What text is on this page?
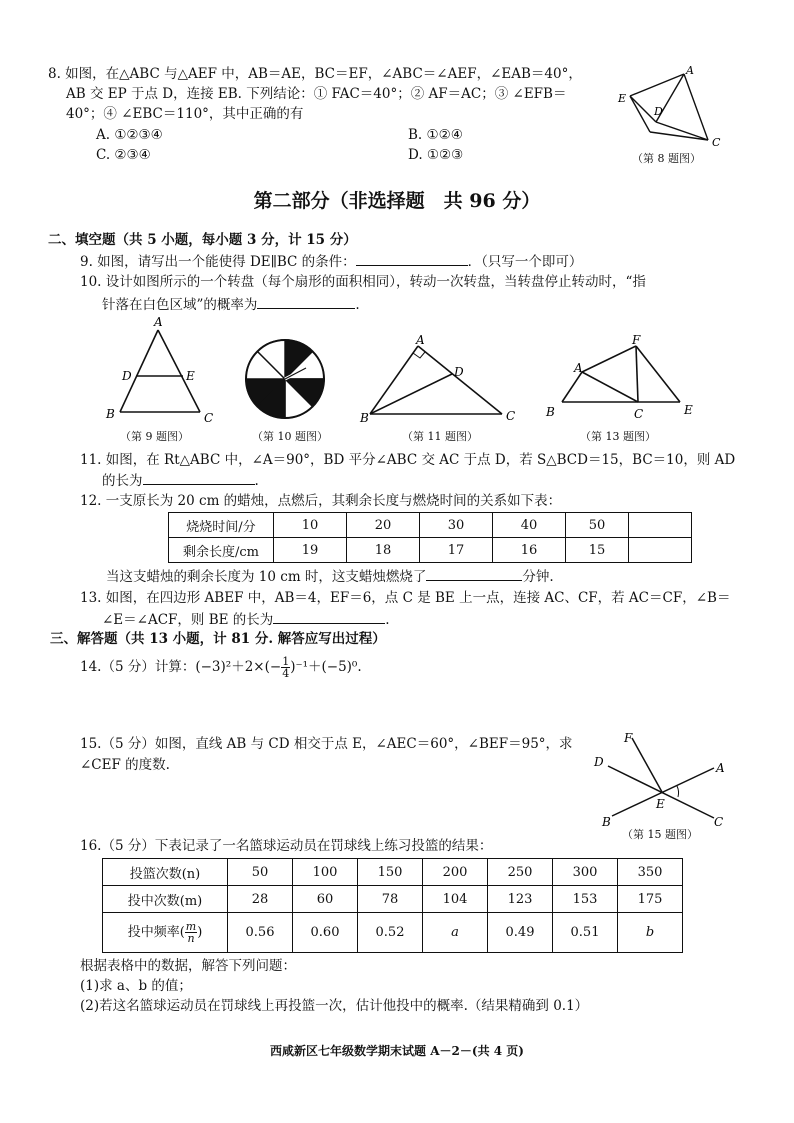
8. 如图，在△ABC 与△AEF 中，AB＝AE，BC＝EF，∠ABC＝∠AEF，∠EAB＝40°，
AB 交 EP 于点 D，连接 EB. 下列结论：① FAC＝40°；② AF＝AC；③ ∠EFB＝
40°；④ ∠EBC＝110°，其中正确的有
A. ①②③④	B. ①②④
C. ②③④	D. ①②③
A
E
D
C
（第 8 题图）
第二部分（非选择题　共 96 分）
二、填空题（共 5 小题，每小题 3 分，计 15 分）
9. 如图，请写出一个能使得 DE∥BC 的条件：	．（只写一个即可）
10. 设计如图所示的一个转盘（每个扇形的面积相同），转动一次转盘，当转盘停止转动时，“指
针落在白色区域”的概率为	.
A
D	E
B	C
（第 9 题图）	（第 10 题图）
A
D
B	C
（第 11 题图）
F
A
B	C	E
（第 13 题图）
11. 如图，在 Rt△ABC 中，∠A＝90°，BD 平分∠ABC 交 AC 于点 D，若 S△BCD＝15，BC＝10，则 AD
的长为	.
12. 一支原长为 20 cm 的蜡烛，点燃后，其剩余长度与燃烧时间的关系如下表：
烧烧时间/分	10	20	30	40	50	
剩余长度/cm	19	18	17	16	15	
当这支蜡烛的剩余长度为 10 cm 时，这支蜡烛燃烧了	分钟.
13. 如图，在四边形 ABEF 中，AB＝4，EF＝6，点 C 是 BE 上一点，连接 AC、CF，若 AC＝CF，∠B＝
∠E＝∠ACF，则 BE 的长为	.
三、解答题（共 13 小题，计 81 分. 解答应写出过程）
14.（5 分）计算：$(-3)^2+2\times(- \frac{1}{4} )^{-1}+(-5)^0$.
15.（5 分）如图，直线 AB 与 CD 相交于点 E，∠AEC＝60°，∠BEF＝95°，求
∠CEF 的度数.
F
D	A
E
B	C
（第 15 题图）
16.（5 分）下表记录了一名篮球运动员在罚球线上练习投篮的结果：
投篮次数(n)	50	100	150	200	250	300	350
投中次数(m)	28	60	78	104	123	153	175
投中频率( $\frac{m}{n}$ )	0.56	0.60	0.52	a	0.49	0.51	b
根据表格中的数据，解答下列问题：
(1)求 a、b 的值；
(2)若这名篮球运动员在罚球线上再投篮一次，估计他投中的概率.（结果精确到 0.1）
西咸新区七年级数学期末试题 A－2－(共 4 页)
